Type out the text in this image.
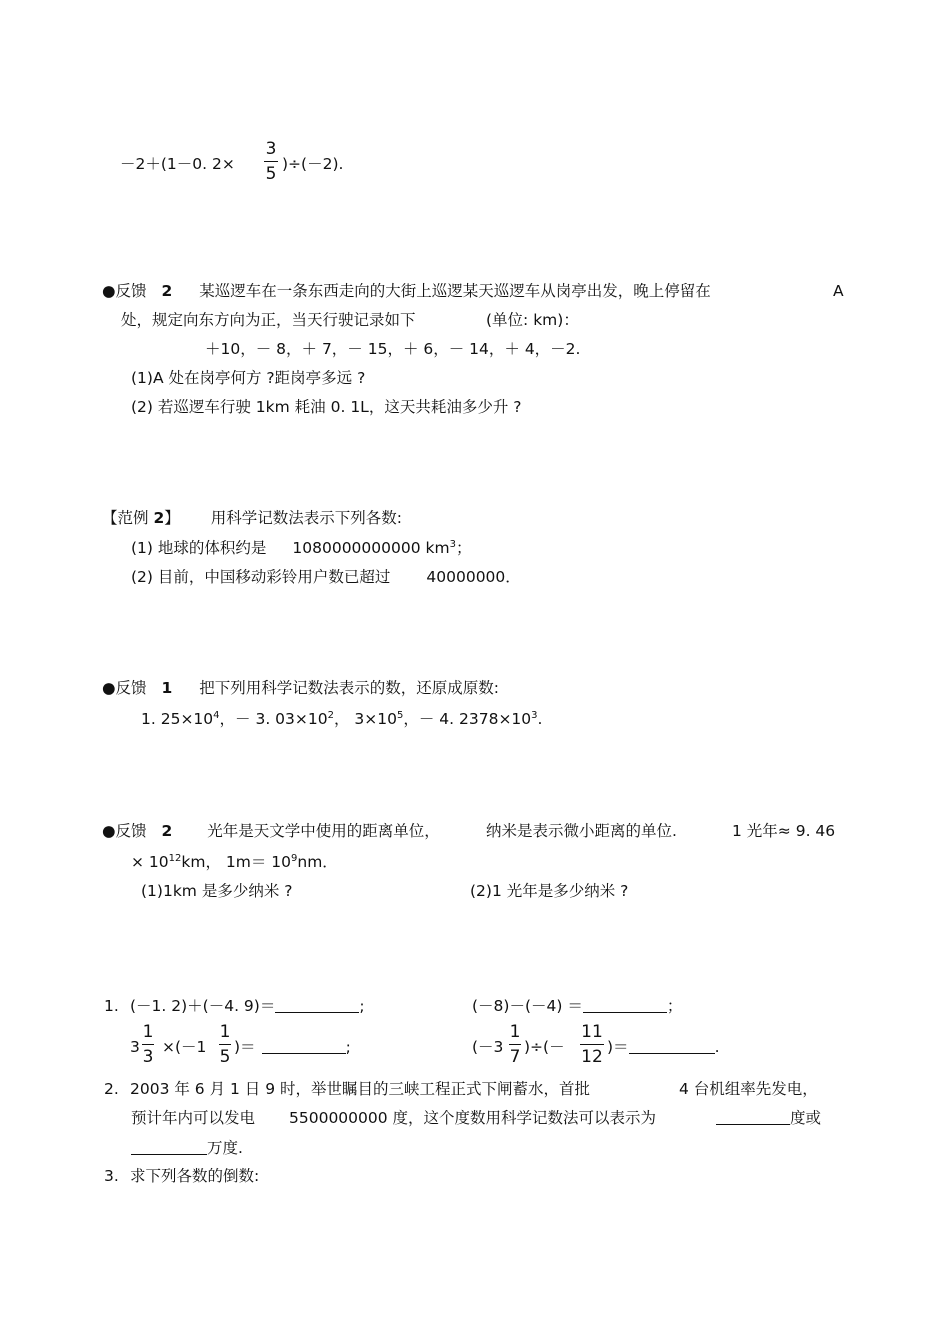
－2＋(1－0. 2×
3
5 )÷(－2).
●反馈 2 某巡逻车在一条东西走向的大街上巡逻某天巡逻车从岗亭出发，晚上停留在	A
处，规定向东方向为正，当天行驶记录如下	(单位: km)：
＋10，－ 8，＋ 7，－ 15，＋ 6，－ 14，＋ 4，－2.
(1)A 处在岗亭何方 ?距岗亭多远 ?
(2) 若巡逻车行驶 1km 耗油 0. 1L，这天共耗油多少升 ?
【范例 2】 用科学记数法表示下列各数:
(1) 地球的体积约是 1080000000000 $km^3$；
(2) 目前，中国移动彩铃用户数已超过 40000000．
●反馈 1 把下列用科学记数法表示的数，还原成原数:
1. $25\times 10^4$，－ 3. $03\times 10^2$， $3\times 10^5$，－ 4. $2378\times 10^3$.
●反馈 2 光年是天文学中使用的距离单位，	纳米是表示微小距离的单位.	1 光年≈ 9. 46
× $10^{12}km$， $1m= 10^9nm$．
(1)1km 是多少纳米 ?	(2)1 光年是多少纳米 ?
1. (－1. 2)＋(－4. 9)＝	;	(－8)－(－4) ＝	；
3
1
3 ×(－1
1
5 )＝	;	(－3
1
7 )÷(－
11
12 )＝	.
2. 2003 年 6 月 1 日 9 时，举世瞩目的三峡工程正式下闸蓄水，首批	4 台机组率先发电，
预计年内可以发电 5500000000 度，这个度数用科学记数法可以表示为	度或
万度.
3. 求下列各数的倒数:
